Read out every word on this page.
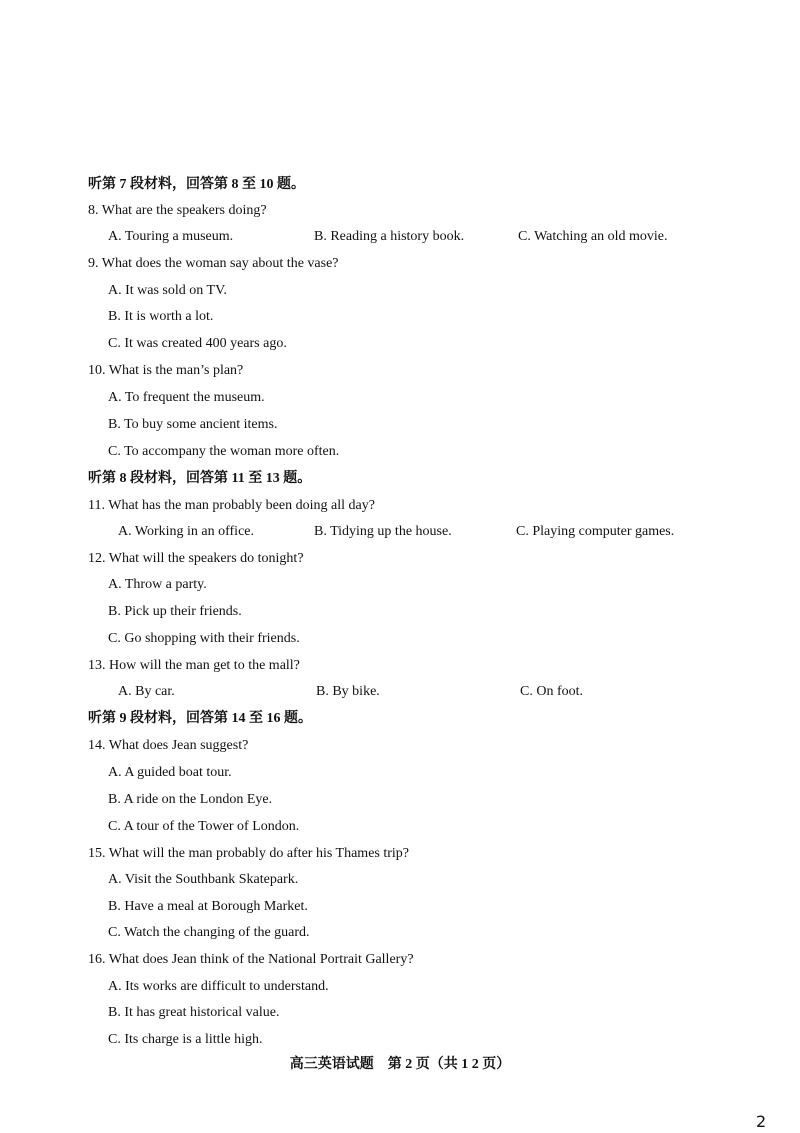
听第 7 段材料，回答第 8 至 10 题。
8. What are the speakers doing?
A. Touring a museum.	B. Reading a history book.	C. Watching an old movie.
9. What does the woman say about the vase?
A. It was sold on TV.
B. It is worth a lot.
C. It was created 400 years ago.
10. What is the man’s plan?
A. To frequent the museum.
B. To buy some ancient items.
C. To accompany the woman more often.
听第 8 段材料，回答第 11 至 13 题。
11. What has the man probably been doing all day?
A. Working in an office.	B. Tidying up the house.	C. Playing computer games.
12. What will the speakers do tonight?
A. Throw a party.
B. Pick up their friends.
C. Go shopping with their friends.
13. How will the man get to the mall?
A. By car.	B. By bike.	C. On foot.
听第 9 段材料，回答第 14 至 16 题。
14. What does Jean suggest?
A. A guided boat tour.
B. A ride on the London Eye.
C. A tour of the Tower of London.
15. What will the man probably do after his Thames trip?
A. Visit the Southbank Skatepark.
B. Have a meal at Borough Market.
C. Watch the changing of the guard.
16. What does Jean think of the National Portrait Gallery?
A. Its works are difficult to understand.
B. It has great historical value.
C. Its charge is a little high.
高三英语试题　第 2 页（共 1 2 页）
2
